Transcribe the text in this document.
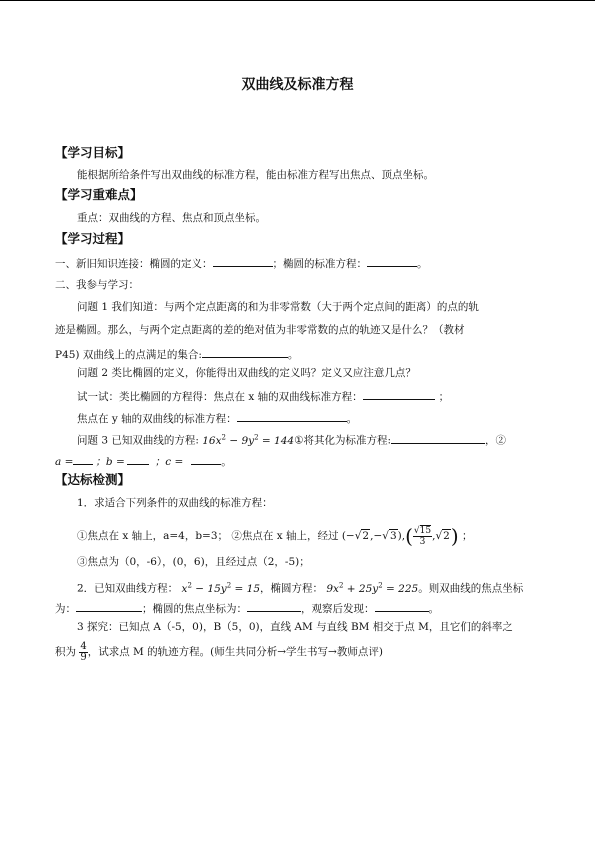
双曲线及标准方程
【学习目标】
能根据所给条件写出双曲线的标准方程，能由标准方程写出焦点、顶点坐标。
【学习重难点】
重点：双曲线的方程、焦点和顶点坐标。
【学习过程】
一、新旧知识连接：椭圆的定义：	；椭圆的标准方程：	。
二、我参与学习：
问题 1 我们知道：与两个定点距离的和为非零常数（大于两个定点间的距离）的点的轨
迹是椭圆。那么，与两个定点距离的差的绝对值为非零常数的点的轨迹又是什么？（教材
P45) 双曲线上的点满足的集合:	。
问题 2 类比椭圆的定义，你能得出双曲线的定义吗？定义又应注意几点？
试一试：类比椭圆的方程得：焦点在 x 轴的双曲线标准方程：	；
焦点在 y 轴的双曲线的标准方程：	。
问题 3 已知双曲线的方程: $16x^2 - 9y^2$ = 144①将其化为标准方程:	，②
a = ；b =	；c =	。
【达标检测】
1．求适合下列条件的双曲线的标准方程：
①焦点在 x 轴上，a=4，b=3； ②焦点在 x 轴上，经过 $(-√2,-√3),( \frac{√15}{3} ,√2)$ ；
③焦点为（0，-6），(0，6)，且经过点（2，-5)；
2．已知双曲线方程： $x^2 - 15y^2 = 15$，椭圆方程： $9x^2 + 25y^2 = 225$。则双曲线的焦点坐标
为：	；椭圆的焦点坐标为：	，观察后发现：	。
3 探究：已知点 A（-5，0)，B（5，0)，直线 AM 与直线 BM 相交于点 M，且它们的斜率之
积为 $\frac{4}{9}$ ，试求点 M 的轨迹方程。(师生共同分析→学生书写→教师点评)
